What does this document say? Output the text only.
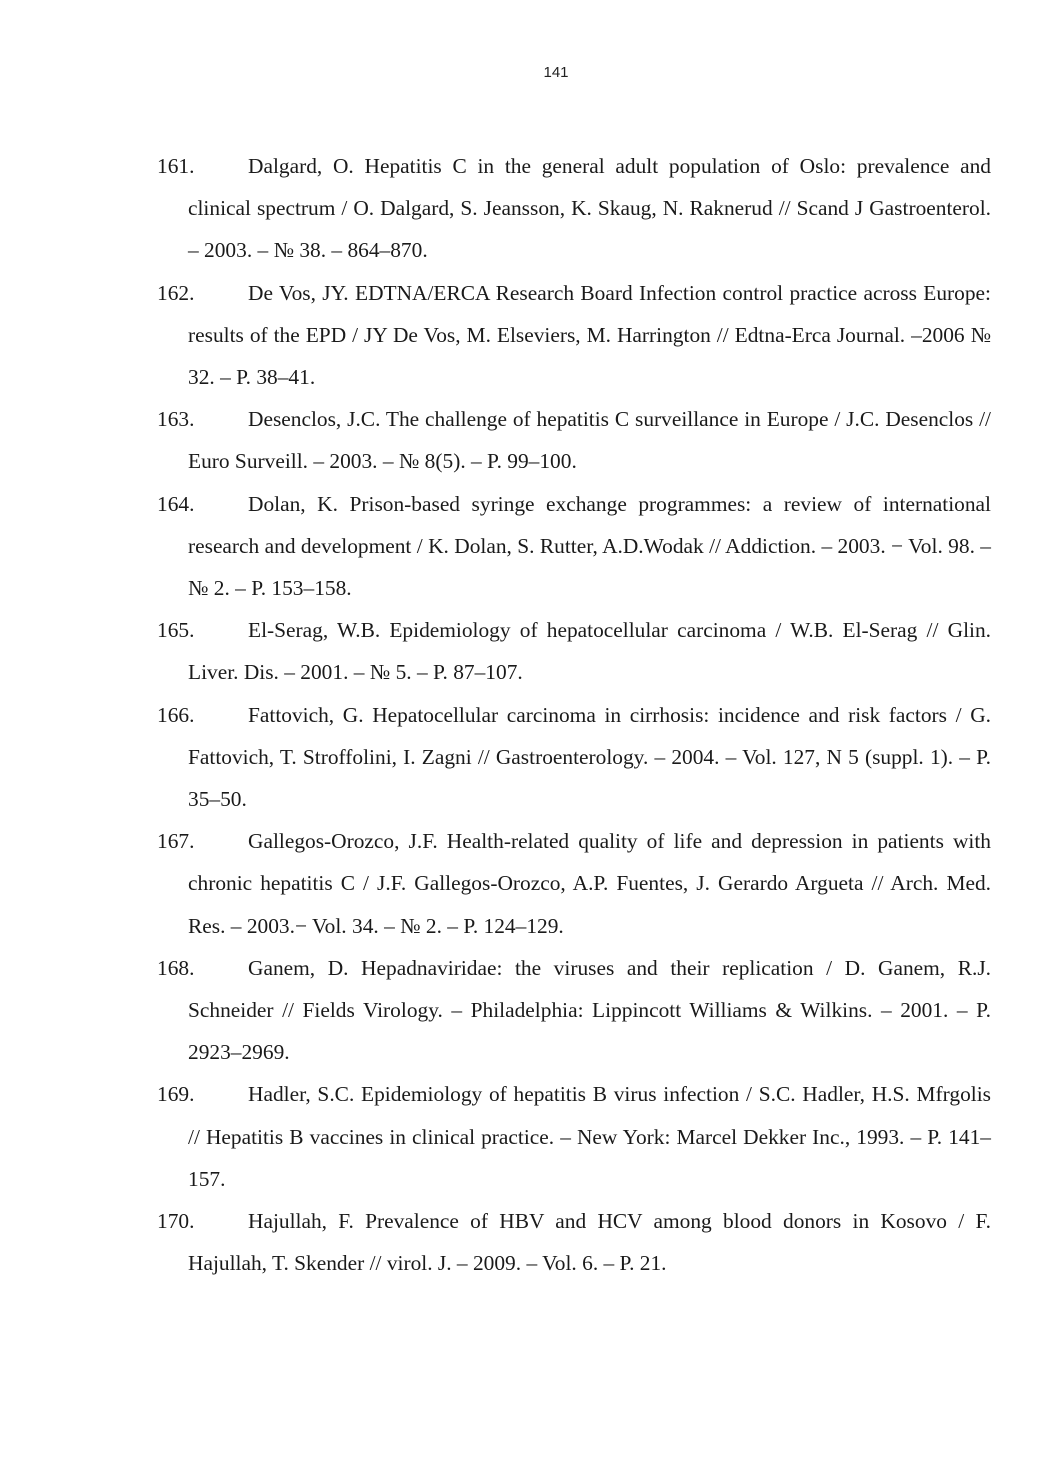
141
161.	Dalgard, O. Hepatitis C in the general adult population of Oslo: prevalence and clinical spectrum / O. Dalgard, S. Jeansson, K. Skaug, N. Raknerud // Scand J Gastroenterol. – 2003. – № 38. – 864–870.
162.	De Vos, JY. EDTNA/ERCA Research Board Infection control practice across Europe: results of the EPD / JY De Vos, M. Elseviers, M. Harrington // Edtna-Erca Journal. –2006 № 32. – P. 38–41.
163.	Desenclos, J.C. The challenge of hepatitis C surveillance in Europe / J.C. Desenclos // Euro Surveill. – 2003. – № 8(5). – P. 99–100.
164.	Dolan, K. Prison-based syringe exchange programmes: a review of international research and development / K. Dolan, S. Rutter, A.D.Wodak // Addiction. – 2003. − Vol. 98. – № 2. – P. 153–158.
165.	El-Serag, W.B. Epidemiology of hepatocellular carcinoma / W.B. El-Serag // Glin. Liver. Dis. – 2001. – № 5. – P. 87–107.
166.	Fattovich, G. Hepatocellular carcinoma in cirrhosis: incidence and risk factors / G. Fattovich, T. Stroffolini, I. Zagni // Gastroenterology. – 2004. – Vol. 127, N 5 (suppl. 1). – P. 35–50.
167.	Gallegos-Orozco, J.F. Health-related quality of life and depression in patients with chronic hepatitis C / J.F. Gallegos-Orozco, A.P. Fuentes, J. Gerardo Argueta // Arch. Med. Res. – 2003.− Vol. 34. – № 2. – P. 124–129.
168.	Ganem, D. Hepadnaviridae: the viruses and their replication / D. Ganem, R.J. Schneider // Fields Virology. – Philadelphia: Lippincott Williams & Wilkins. – 2001. – P. 2923–2969.
169.	Hadler, S.C. Epidemiology of hepatitis B virus infection / S.C. Hadler, H.S. Mfrgolis // Hepatitis B vaccines in clinical practice. – New York: Marcel Dekker Inc., 1993. – P. 141–157.
170.	Hajullah, F. Prevalence of HBV and HCV among blood donors in Kosovo / F. Hajullah, T. Skender // virol. J. – 2009. – Vol. 6. – P. 21.
